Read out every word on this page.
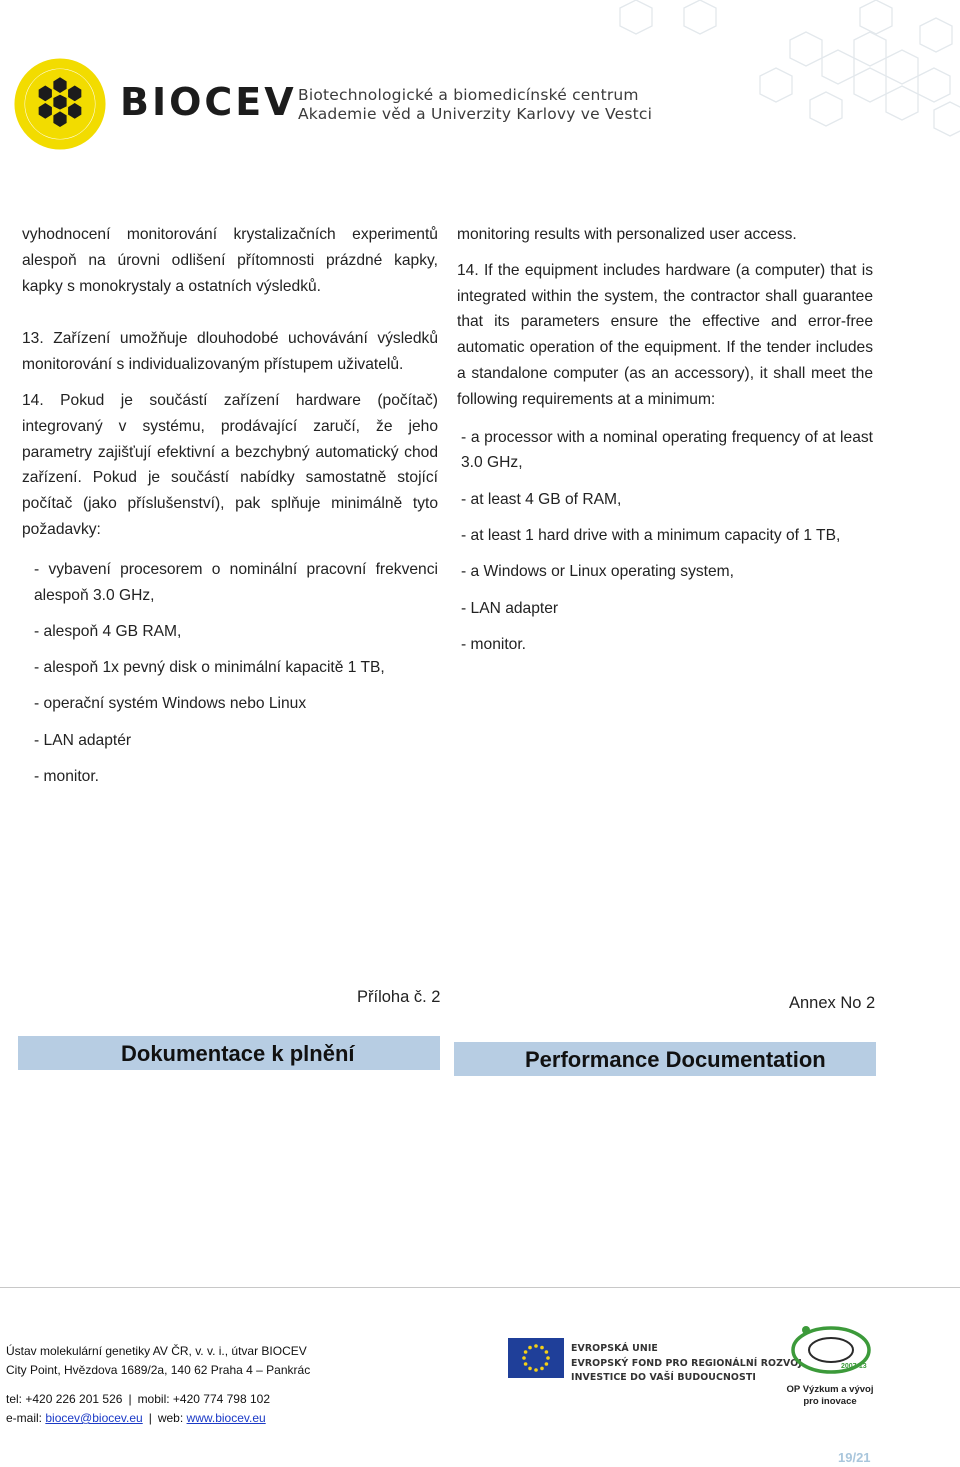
BIOCEV Biotechnologické a biomedicínské centrum
Akademie věd a Univerzity Karlovy ve Vestci

vyhodnocení monitorování krystalizačních experimentů alespoň na úrovni odlišení přítomnosti prázdné kapky, kapky s monokrystaly a ostatních výsledků.

13. Zařízení umožňuje dlouhodobé uchovávání výsledků monitorování s individualizovaným přístupem uživatelů.

14. Pokud je součástí zařízení hardware (počítač) integrovaný v systému, prodávající zaručí, že jeho parametry zajišťují efektivní a bezchybný automatický chod zařízení. Pokud je součástí nabídky samostatně stojící počítač (jako příslušenství), pak splňuje minimálně tyto požadavky:

- vybavení procesorem o nominální pracovní frekvenci alespoň 3.0 GHz,

- alespoň 4 GB RAM,

- alespoň 1x pevný disk o minimální kapacitě 1 TB,

- operační systém Windows nebo Linux

- LAN adaptér

- monitor.

monitoring results with personalized user access.

14. If the equipment includes hardware (a computer) that is integrated within the system, the contractor shall guarantee that its parameters ensure the effective and error-free automatic operation of the equipment. If the tender includes a standalone computer (as an accessory), it shall meet the following requirements at a minimum:

- a processor with a nominal operating frequency of at least 3.0 GHz,

- at least 4 GB of RAM,

- at least 1 hard drive with a minimum capacity of 1 TB,

- a Windows or Linux operating system,

- LAN adapter

- monitor.

Příloha č. 2	Annex No 2
Dokumentace k plnění	Performance Documentation
Ústav molekulární genetiky AV ČR, v. v. i., útvar BIOCEV
City Point, Hvězdova 1689/2a, 140 62 Praha 4 – Pankrác
tel: +420 226 201 526 | mobil: +420 774 798 102
e-mail: biocev@biocev.eu | web: www.biocev.eu
EVROPSKÁ UNIE
EVROPSKÝ FOND PRO REGIONÁLNÍ ROZVOJ
INVESTICE DO VAŠÍ BUDOUCNOSTI
2007-13
OP Výzkum a vývoj
pro inovace
19/21
